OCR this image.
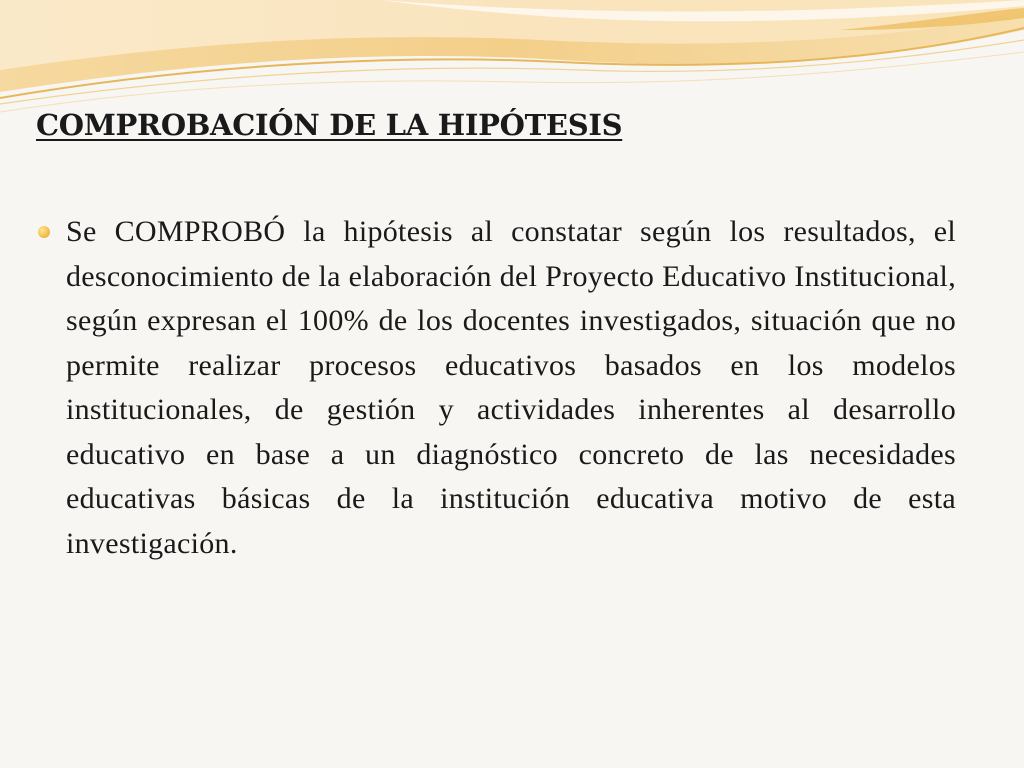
COMPROBACIÓN DE LA HIPÓTESIS
Se COMPROBÓ la hipótesis al constatar según los resultados, el desconocimiento de la elaboración del Proyecto Educativo Institucional, según expresan el 100% de los docentes investigados, situación que no permite realizar procesos educativos basados en los modelos institucionales, de gestión y actividades inherentes al desarrollo educativo en base a un diagnóstico concreto de las necesidades educativas básicas de la institución educativa motivo de esta investigación.
